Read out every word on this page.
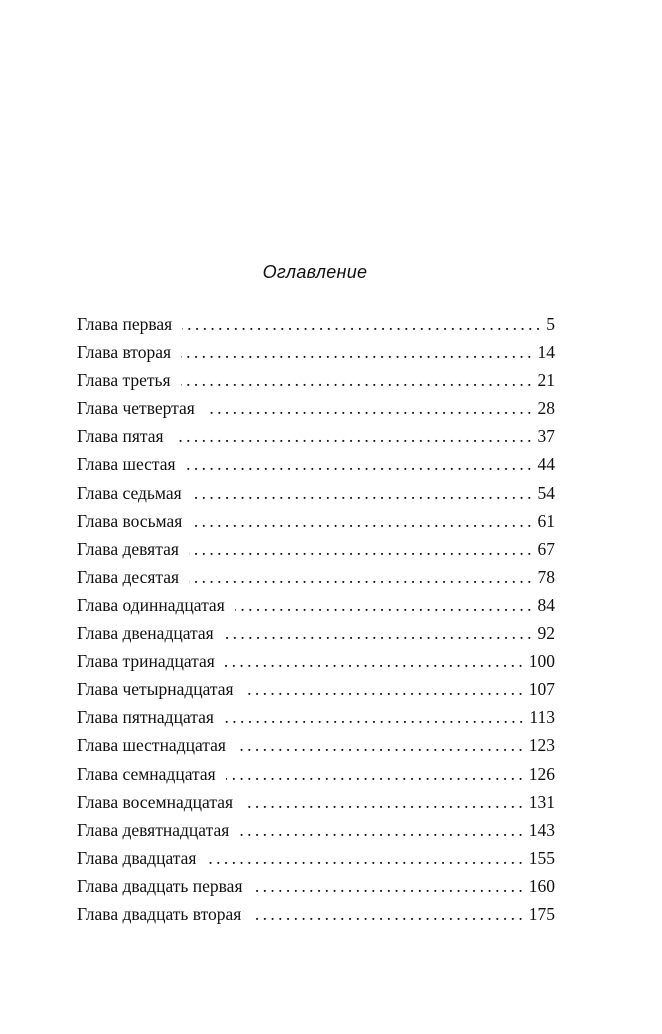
Оглавление
Глава первая . . .	5
Глава вторая . . .	14
Глава третья . . .	21
Глава четвертая . . .	28
Глава пятая . . .	37
Глава шестая . . .	44
Глава седьмая . . .	54
Глава восьмая . . .	61
Глава девятая . . .	67
Глава десятая . . .	78
Глава одиннадцатая . . .	84
Глава двенадцатая . . .	92
Глава тринадцатая . . .	100
Глава четырнадцатая . . .	107
Глава пятнадцатая . . .	113
Глава шестнадцатая . . .	123
Глава семнадцатая . . .	126
Глава восемнадцатая . . .	131
Глава девятнадцатая . . .	143
Глава двадцатая . . .	155
Глава двадцать первая . . .	160
Глава двадцать вторая . . .	175
